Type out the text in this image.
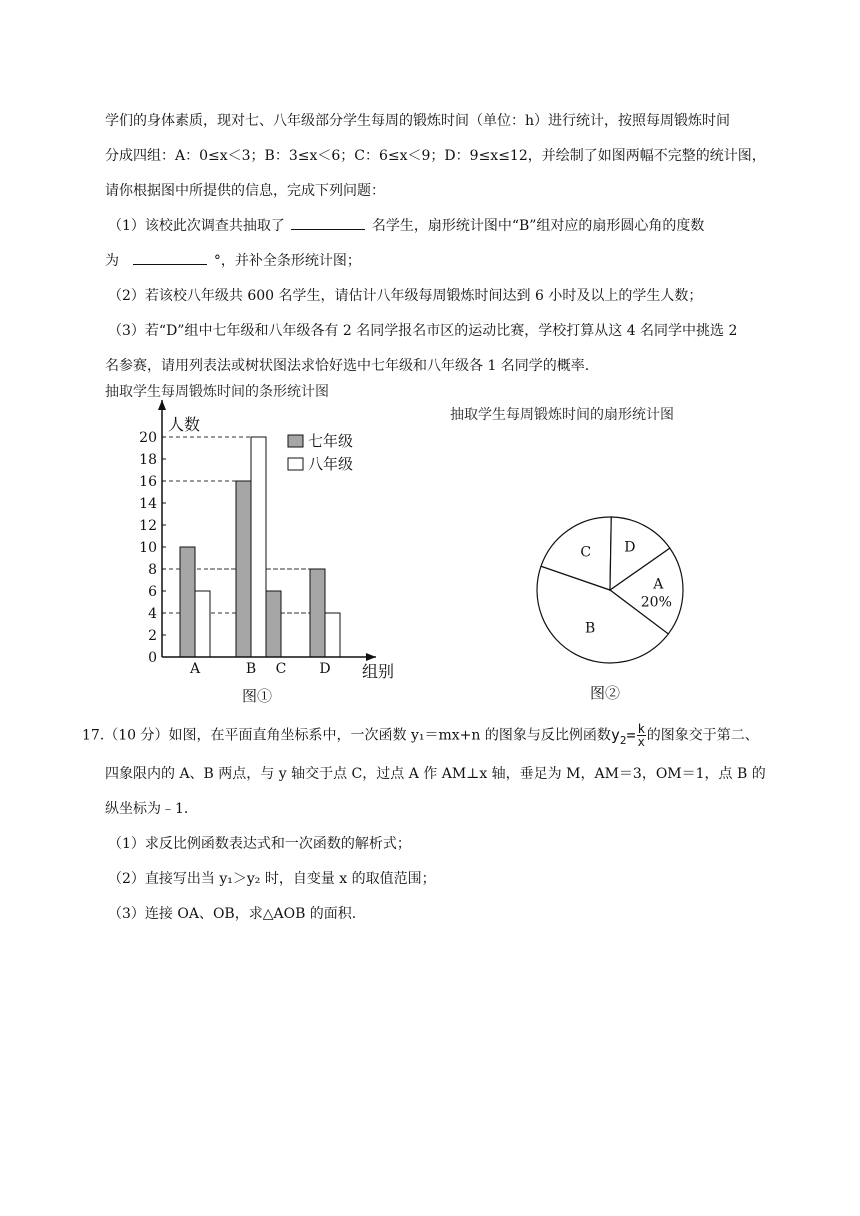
学们的身体素质，现对七、八年级部分学生每周的锻炼时间（单位：h）进行统计，按照每周锻炼时间
分成四组：A：0≤x＜3；B：3≤x＜6；C：6≤x＜9；D：9≤x≤12，并绘制了如图两幅不完整的统计图，
请你根据图中所提供的信息，完成下列问题：
（1）该校此次调查共抽取了	名学生，扇形统计图中“B”组对应的扇形圆心角的度数
为	°，并补全条形统计图；
（2）若该校八年级共 600 名学生，请估计八年级每周锻炼时间达到 6 小时及以上的学生人数；
（3）若“D”组中七年级和八年级各有 2 名同学报名市区的运动比赛，学校打算从这 4 名同学中挑选 2
名参赛，请用列表法或树状图法求恰好选中七年级和八年级各 1 名同学的概率.
抽取学生每周锻炼时间的条形统计图
抽取学生每周锻炼时间的扇形统计图
0
2
4
6
8
10
12
14
16
18
20
A	B C D
人数
组别
七年级
八年级
图①
A
20%
B
C D
图②
17.（10 分）如图，在平面直角坐标系中，一次函数 y₁＝mx+n 的图象与反比例函数$y_2= \frac{k}{x}$ 的图象交于第二、
四象限内的 A、B 两点，与 y 轴交于点 C，过点 A 作 AM⊥x 轴，垂足为 M，AM＝3，OM＝1，点 B 的
纵坐标为﹣1.
（1）求反比例函数表达式和一次函数的解析式；
（2）直接写出当 y₁＞y₂ 时，自变量 x 的取值范围；
（3）连接 OA、OB，求△AOB 的面积.
